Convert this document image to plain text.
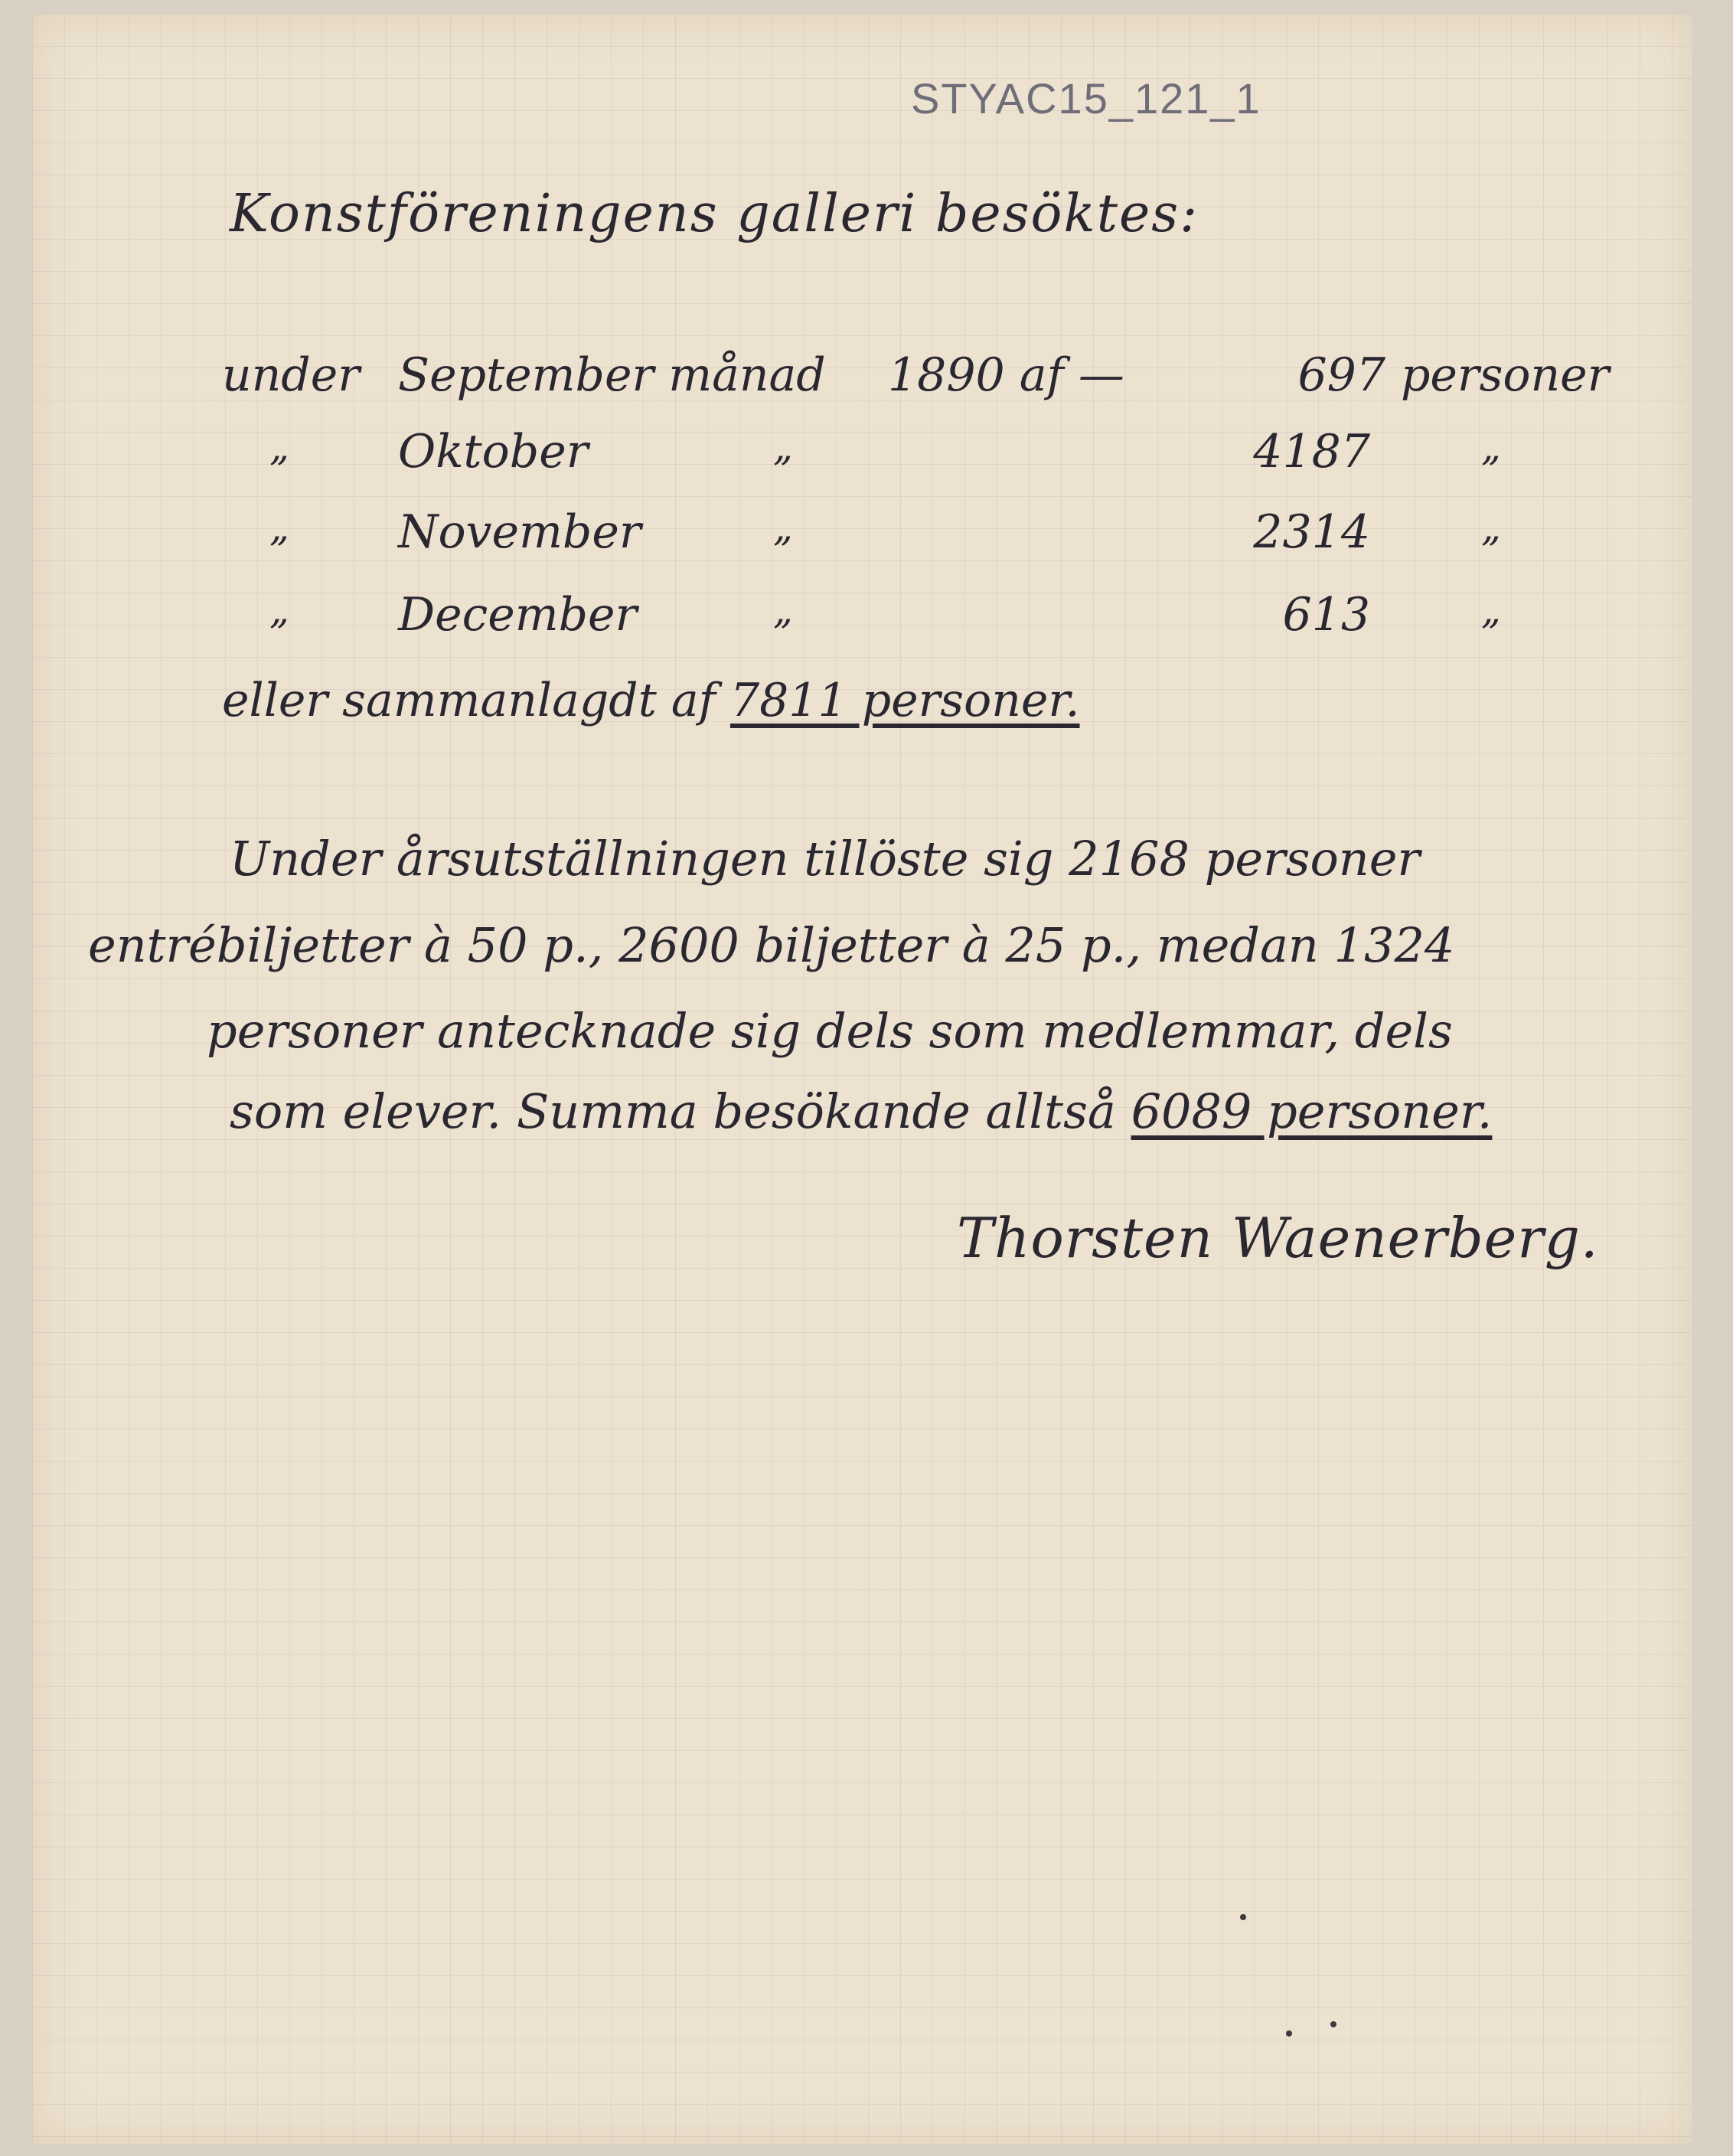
STYAC15_121_1
Konstföreningens galleri besöktes:
under September månad 1890 af —	697 personer
„ Oktober	„	4187	„
„ November	„	2314	„
„ December	„	613	„
eller sammanlagdt af 7811 personer.
Under årsutställningen tillöste sig 2168 personer
entrébiljetter à 50 p., 2600 biljetter à 25 p., medan 1324
personer antecknade sig dels som medlemmar, dels
som elever. Summa besökande alltså 6089 personer.
Thorsten Waenerberg.
